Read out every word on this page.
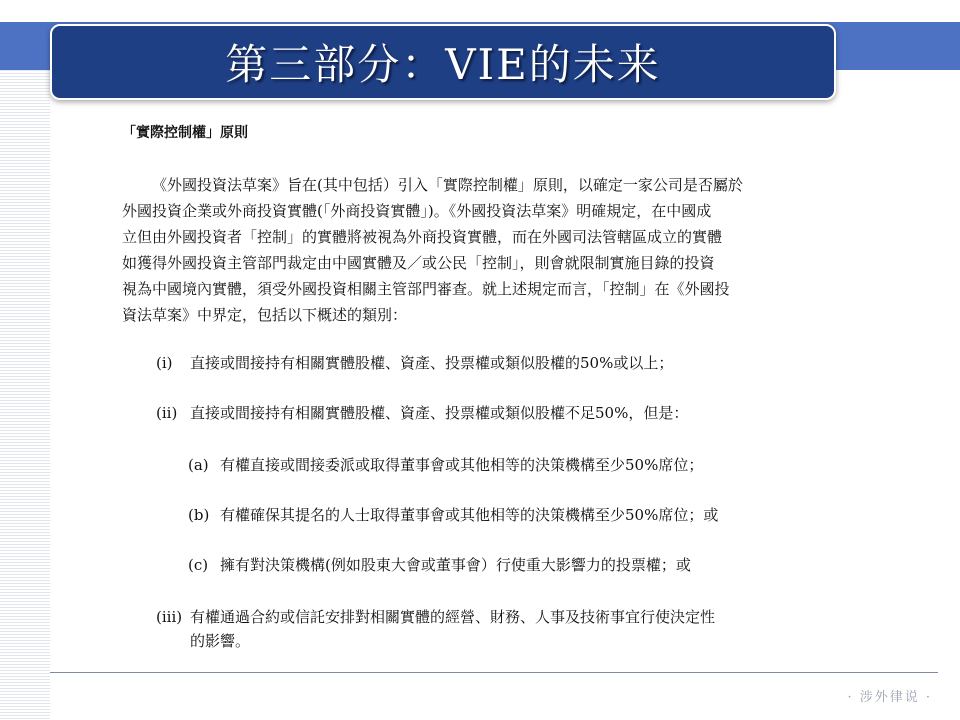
第三部分：VIE的未来
「實際控制權」原則
《外國投資法草案》旨在(其中包括）引入「實際控制權」原則，以確定一家公司是否屬於
外國投資企業或外商投資實體(「外商投資實體」)。《外國投資法草案》明確規定，在中國成
立但由外國投資者「控制」的實體將被視為外商投資實體，而在外國司法管轄區成立的實體
如獲得外國投資主管部門裁定由中國實體及／或公民「控制」，則會就限制實施目錄的投資
視為中國境內實體，須受外國投資相關主管部門審查。就上述規定而言，「控制」在《外國投
資法草案》中界定，包括以下概述的類別：
(i) 直接或間接持有相關實體股權、資產、投票權或類似股權的50%或以上；
(ii) 直接或間接持有相關實體股權、資產、投票權或類似股權不足50%，但是：
(a) 有權直接或間接委派或取得董事會或其他相等的決策機構至少50%席位；
(b) 有權確保其提名的人士取得董事會或其他相等的決策機構至少50%席位；或
(c) 擁有對決策機構(例如股東大會或董事會）行使重大影響力的投票權；或
(iii) 有權通過合約或信託安排對相關實體的經營、財務、人事及技術事宜行使決定性
的影響。
· 涉外律说 ·
